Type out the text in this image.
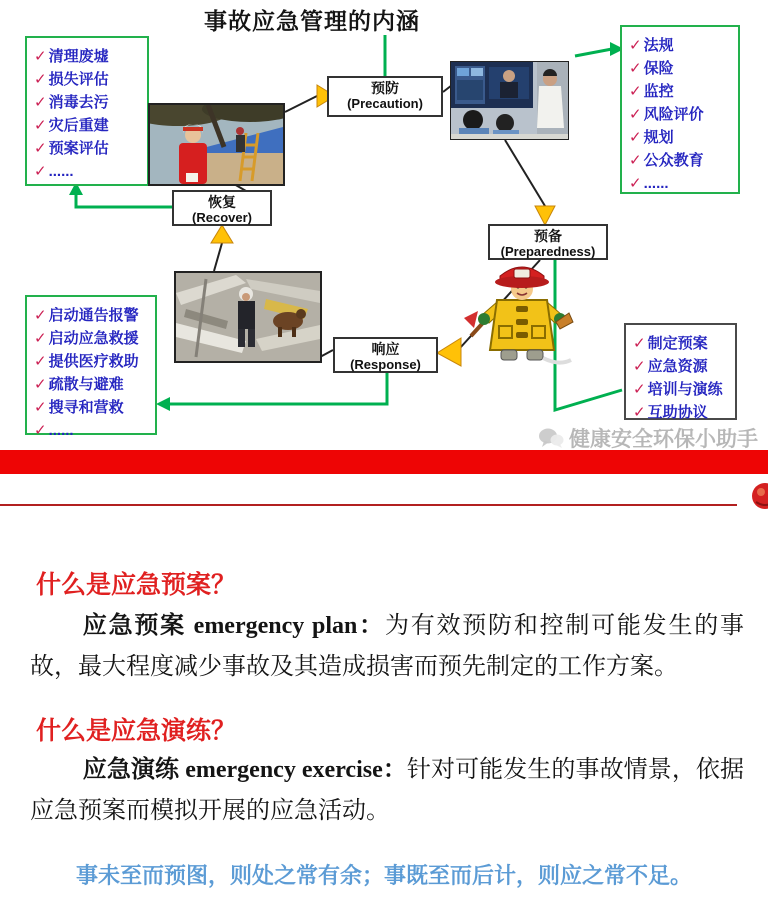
事故应急管理的内涵
✓ 清理废墟
✓ 损失评估
✓ 消毒去污
✓ 灾后重建
✓ 预案评估
✓ ......
✓ 法规
✓ 保险
✓ 监控
✓ 风险评价
✓ 规划
✓ 公众教育
✓ ......
✓ 启动通告报警
✓ 启动应急救援
✓ 提供医疗救助
✓ 疏散与避难
✓ 搜寻和营救
✓ ......
✓ 制定预案
✓ 应急资源
✓ 培训与演练
✓ 互助协议
预防
(Precaution)
预备
(Preparedness)
响应
(Response)
恢复
(Recover)
健康安全环保小助手
什么是应急预案？

应急预案 emergency plan：为有效预防和控制可能发生的事故，最大程度减少事故及其造成损害而预先制定的工作方案。

什么是应急演练？

应急演练 emergency exercise：针对可能发生的事故情景，依据应急预案而模拟开展的应急活动。

事未至而预图，则处之常有余；事既至而后计，则应之常不足。
